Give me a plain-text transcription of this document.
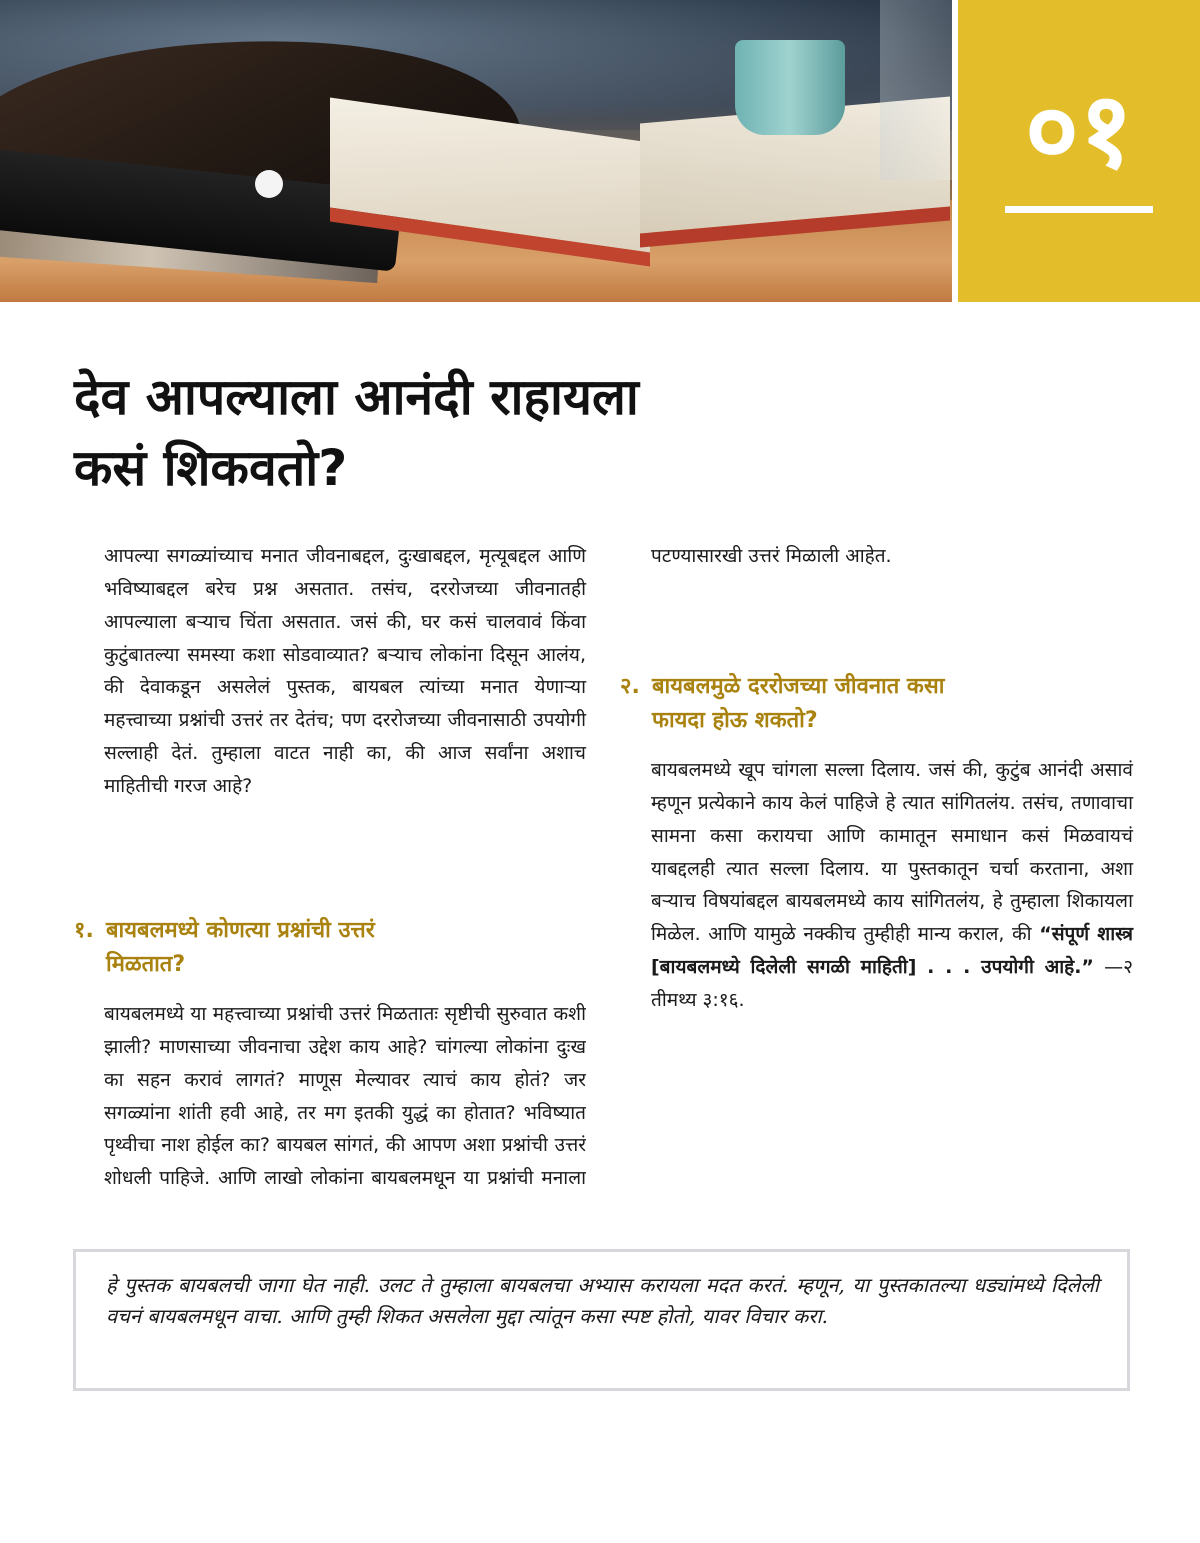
०१
देव आपल्याला आनंदी राहायला
कसं शिकवतो?

आपल्या सगळ्यांच्याच मनात जीवनाबद्दल, दुःखाबद्दल, मृत्यूबद्दल आणि भविष्याबद्दल बरेच प्रश्न असतात. तसंच, दररोजच्या जीवनातही आपल्याला बऱ्याच चिंता असतात. जसं की, घर कसं चालवावं किंवा कुटुंबातल्या समस्या कशा सोडवाव्यात? बऱ्याच लोकांना दिसून आलंय, की देवाकडून असलेलं पुस्तक, बायबल त्यांच्या मनात येणाऱ्या महत्त्वाच्या प्रश्नांची उत्तरं तर देतंच; पण दररोजच्या जीवनासाठी उपयोगी सल्लाही देतं. तुम्हाला वाटत नाही का, की आज सर्वांना अशाच माहितीची गरज आहे?

१. बायबलमध्ये कोणत्या प्रश्नांची उत्तरं
मिळतात?

बायबलमध्ये या महत्त्वाच्या प्रश्नांची उत्तरं मिळतातः सृष्टीची सुरुवात कशी झाली? माणसाच्या जीवनाचा उद्देश काय आहे? चांगल्या लोकांना दुःख का सहन करावं लागतं? माणूस मेल्यावर त्याचं काय होतं? जर सगळ्यांना शांती हवी आहे, तर मग इतकी युद्धं का होतात? भविष्यात पृथ्वीचा नाश होईल का? बायबल सांगतं, की आपण अशा प्रश्नांची उत्तरं शोधली पाहिजे. आणि लाखो लोकांना बायबलमधून या प्रश्नांची मनाला

पटण्यासारखी उत्तरं मिळाली आहेत.

२. बायबलमुळे दररोजच्या जीवनात कसा
फायदा होऊ शकतो?

बायबलमध्ये खूप चांगला सल्ला दिलाय. जसं की, कुटुंब आनंदी असावं म्हणून प्रत्येकाने काय केलं पाहिजे हे त्यात सांगितलंय. तसंच, तणावाचा सामना कसा करायचा आणि कामातून समाधान कसं मिळवायचं याबद्दलही त्यात सल्ला दिलाय. या पुस्तकातून चर्चा करताना, अशा बऱ्याच विषयांबद्दल बायबलमध्ये काय सांगितलंय, हे तुम्हाला शिकायला मिळेल. आणि यामुळे नक्कीच तुम्हीही मान्य कराल, की “संपूर्ण शास्त्र [बायबलमध्ये दिलेली सगळी माहिती] . . . उपयोगी आहे.” —२ तीमथ्य ३:१६.

हे पुस्तक बायबलची जागा घेत नाही. उलट ते तुम्हाला बायबलचा अभ्यास करायला मदत करतं. म्हणून, या पुस्तकातल्या धड्यांमध्ये दिलेली वचनं बायबलमधून वाचा. आणि तुम्ही शिकत असलेला मुद्दा त्यांतून कसा स्पष्ट होतो, यावर विचार करा.
